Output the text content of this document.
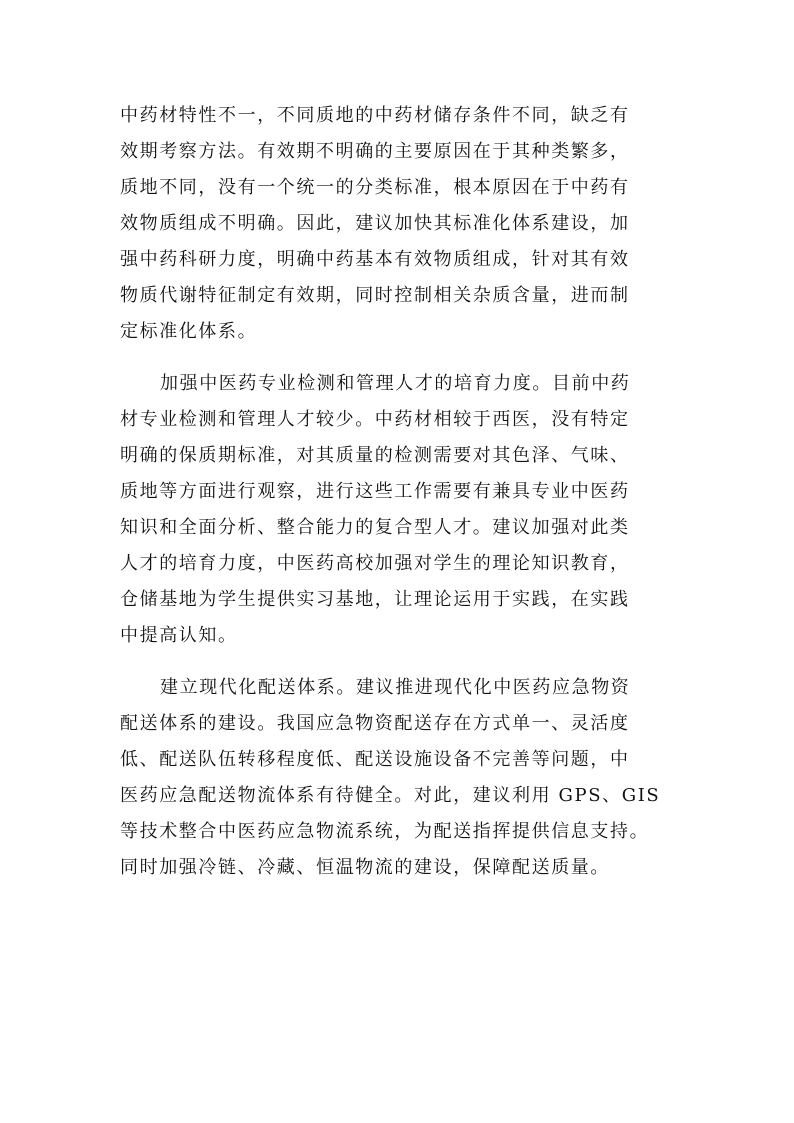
中药材特性不一，不同质地的中药材储存条件不同，缺乏有
效期考察方法。有效期不明确的主要原因在于其种类繁多，
质地不同，没有一个统一的分类标准，根本原因在于中药有
效物质组成不明确。因此，建议加快其标准化体系建设，加
强中药科研力度，明确中药基本有效物质组成，针对其有效
物质代谢特征制定有效期，同时控制相关杂质含量，进而制
定标准化体系。
加强中医药专业检测和管理人才的培育力度。目前中药
材专业检测和管理人才较少。中药材相较于西医，没有特定
明确的保质期标准，对其质量的检测需要对其色泽、气味、
质地等方面进行观察，进行这些工作需要有兼具专业中医药
知识和全面分析、整合能力的复合型人才。建议加强对此类
人才的培育力度，中医药高校加强对学生的理论知识教育，
仓储基地为学生提供实习基地，让理论运用于实践，在实践
中提高认知。
建立现代化配送体系。建议推进现代化中医药应急物资
配送体系的建设。我国应急物资配送存在方式单一、灵活度
低、配送队伍转移程度低、配送设施设备不完善等问题，中
医药应急配送物流体系有待健全。对此，建议利用 GPS、GIS
等技术整合中医药应急物流系统，为配送指挥提供信息支持。
同时加强冷链、冷藏、恒温物流的建设，保障配送质量。
